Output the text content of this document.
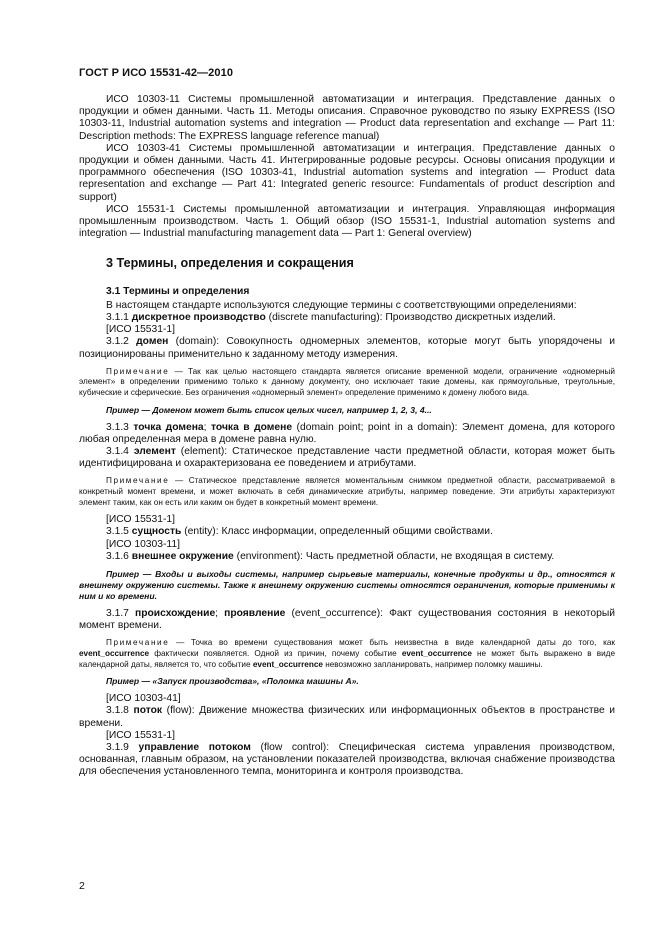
ГОСТ Р ИСО 15531-42—2010

ИСО 10303-11 Системы промышленной автоматизации и интеграция. Представление данных о продукции и обмен данными. Часть 11. Методы описания. Справочное руководство по языку EXPRESS (ISO 10303-11, Industrial automation systems and integration — Product data representation and exchange — Part 11: Description methods: The EXPRESS language reference manual)

ИСО 10303-41 Системы промышленной автоматизации и интеграция. Представление данных о продукции и обмен данными. Часть 41. Интегрированные родовые ресурсы. Основы описания продукции и программного обеспечения (ISO 10303-41, Industrial automation systems and integration — Product data representation and exchange — Part 41: Integrated generic resource: Fundamentals of product description and support)

ИСО 15531-1 Системы промышленной автоматизации и интеграция. Управляющая информация промышленным производством. Часть 1. Общий обзор (ISO 15531-1, Industrial automation systems and integration — Industrial manufacturing management data — Part 1: General overview)

3 Термины, определения и сокращения
3.1 Термины и определения

В настоящем стандарте используются следующие термины с соответствующими определениями:

3.1.1 дискретное производство (discrete manufacturing): Производство дискретных изделий.

[ИСО 15531-1]

3.1.2 домен (domain): Совокупность одномерных элементов, которые могут быть упорядочены и позиционированы применительно к заданному методу измерения.

Примечание — Так как целью настоящего стандарта является описание временной модели, ограничение «одномерный элемент» в определении применимо только к данному документу, оно исключает такие домены, как прямоугольные, треугольные, кубические и сферические. Без ограничения «одномерный элемент» определение применимо к домену любого вида.

Пример — Доменом может быть список целых чисел, например 1, 2, 3, 4...

3.1.3 точка домена; точка в домене (domain point; point in a domain): Элемент домена, для которого любая определенная мера в домене равна нулю.

3.1.4 элемент (element): Статическое представление части предметной области, которая может быть идентифицирована и охарактеризована ее поведением и атрибутами.

Примечание — Статическое представление является моментальным снимком предметной области, рассматриваемой в конкретный момент времени, и может включать в себя динамические атрибуты, например поведение. Эти атрибуты характеризуют элемент таким, как он есть или каким он будет в конкретный момент времени.

[ИСО 15531-1]

3.1.5 сущность (entity): Класс информации, определенный общими свойствами.

[ИСО 10303-11]

3.1.6 внешнее окружение (environment): Часть предметной области, не входящая в систему.

Пример — Входы и выходы системы, например сырьевые материалы, конечные продукты и др., относятся к внешнему окружению системы. Также к внешнему окружению системы относятся ограничения, которые применимы к ним и ко времени.

3.1.7 происхождение; проявление (event_occurrence): Факт существования состояния в некоторый момент времени.

Примечание — Точка во времени существования может быть неизвестна в виде календарной даты до того, как event_occurrence фактически появляется. Одной из причин, почему событие event_occurrence не может быть выражено в виде календарной даты, является то, что событие event_occurrence невозможно запланировать, например поломку машины.

Пример — «Запуск производства», «Поломка машины А».

[ИСО 10303-41]

3.1.8 поток (flow): Движение множества физических или информационных объектов в пространстве и времени.

[ИСО 15531-1]

3.1.9 управление потоком (flow control): Специфическая система управления производством, основанная, главным образом, на установлении показателей производства, включая снабжение производства для обеспечения установленного темпа, мониторинга и контроля производства.

2
